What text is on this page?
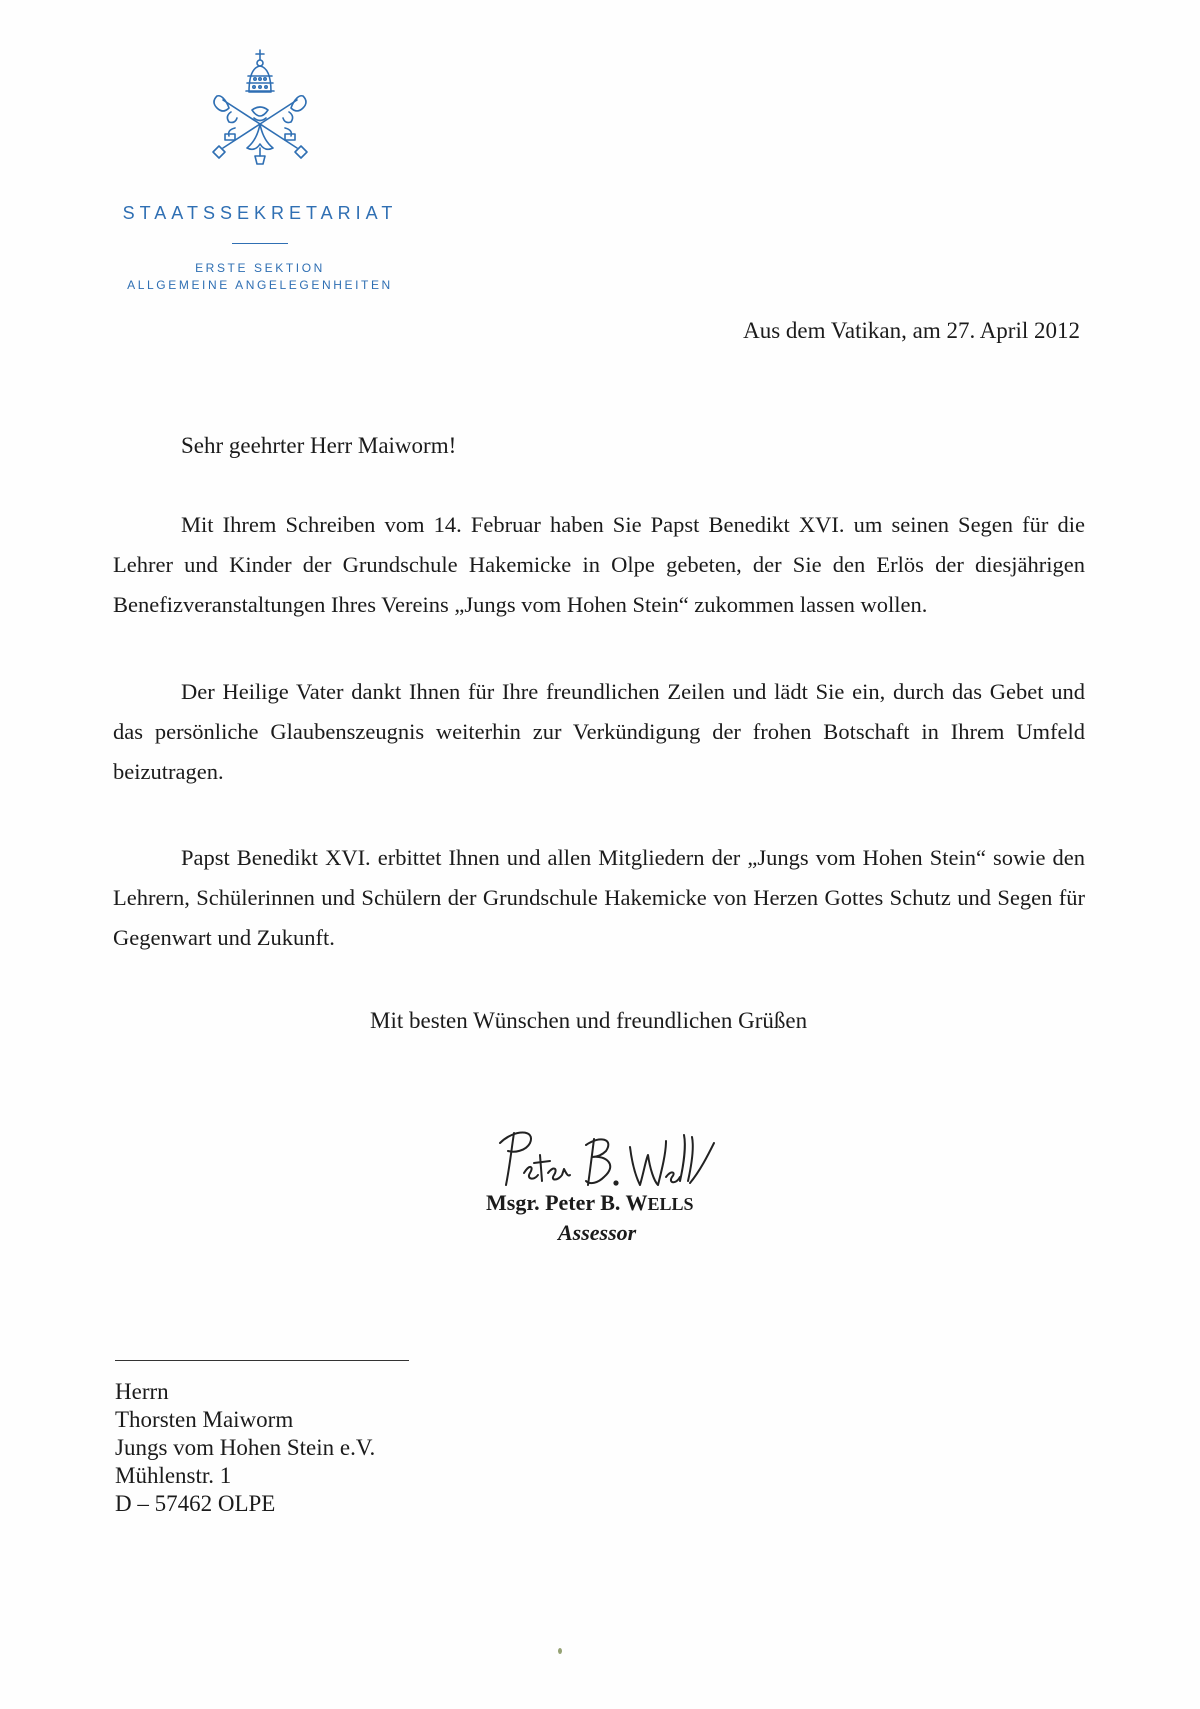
STAATSSEKRETARIAT
ERSTE SEKTION
ALLGEMEINE ANGELEGENHEITEN
Aus dem Vatikan, am 27. April 2012
Sehr geehrter Herr Maiworm!

Mit Ihrem Schreiben vom 14. Februar haben Sie Papst Benedikt XVI. um seinen Segen für die Lehrer und Kinder der Grundschule Hakemicke in Olpe gebeten, der Sie den Erlös der diesjährigen Benefizveranstaltungen Ihres Vereins „Jungs vom Hohen Stein“ zukommen lassen wollen.

Der Heilige Vater dankt Ihnen für Ihre freundlichen Zeilen und lädt Sie ein, durch das Gebet und das persönliche Glaubenszeugnis weiterhin zur Verkündigung der frohen Botschaft in Ihrem Umfeld beizutragen.

Papst Benedikt XVI. erbittet Ihnen und allen Mitgliedern der „Jungs vom Hohen Stein“ sowie den Lehrern, Schülerinnen und Schülern der Grundschule Hakemicke von Herzen Gottes Schutz und Segen für Gegenwart und Zukunft.

Mit besten Wünschen und freundlichen Grüßen
Msgr. Peter B. WELLS
Assessor
Herrn
Thorsten Maiworm
Jungs vom Hohen Stein e.V.
Mühlenstr. 1
D – 57462 OLPE
